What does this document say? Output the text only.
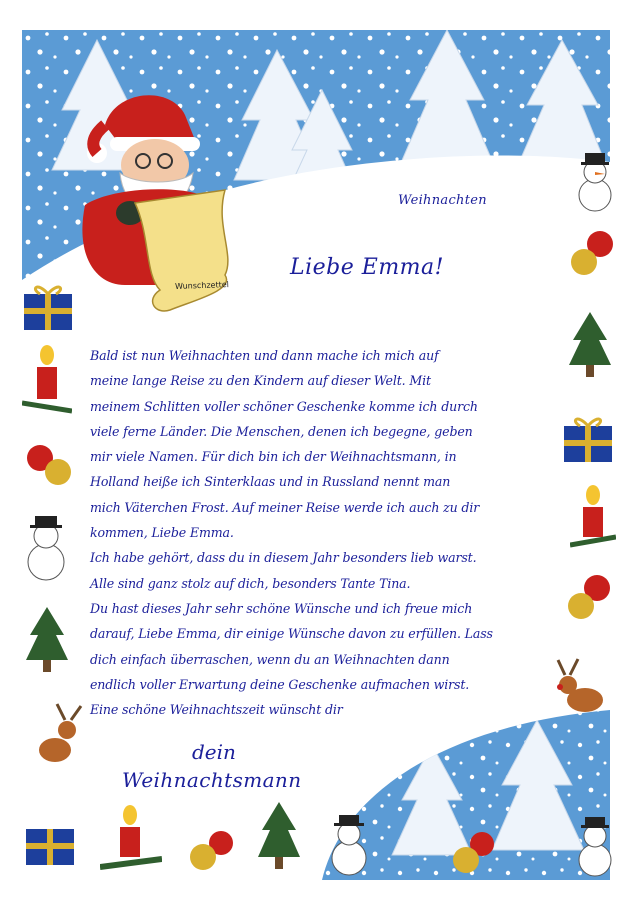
Wunschzettel
Weihnachten
Liebe Emma!

Bald ist nun Weihnachten und dann mache ich mich auf

meine lange Reise zu den Kindern auf dieser Welt. Mit

meinem Schlitten voller schöner Geschenke komme ich durch

viele ferne Länder. Die Menschen, denen ich begegne, geben

mir viele Namen. Für dich bin ich der Weihnachtsmann, in

Holland heiße ich Sinterklaas und in Russland nennt man

mich Väterchen Frost. Auf meiner Reise werde ich auch zu dir

kommen, Liebe Emma.

Ich habe gehört, dass du in diesem Jahr besonders lieb warst.

Alle sind ganz stolz auf dich, besonders Tante Tina.

Du hast dieses Jahr sehr schöne Wünsche und ich freue mich

darauf, Liebe Emma, dir einige Wünsche davon zu erfüllen. Lass

dich einfach überraschen, wenn du an Weihnachten dann

endlich voller Erwartung deine Geschenke aufmachen wirst.

Eine schöne Weihnachtszeit wünscht dir

dein
Weihnachtsmann
